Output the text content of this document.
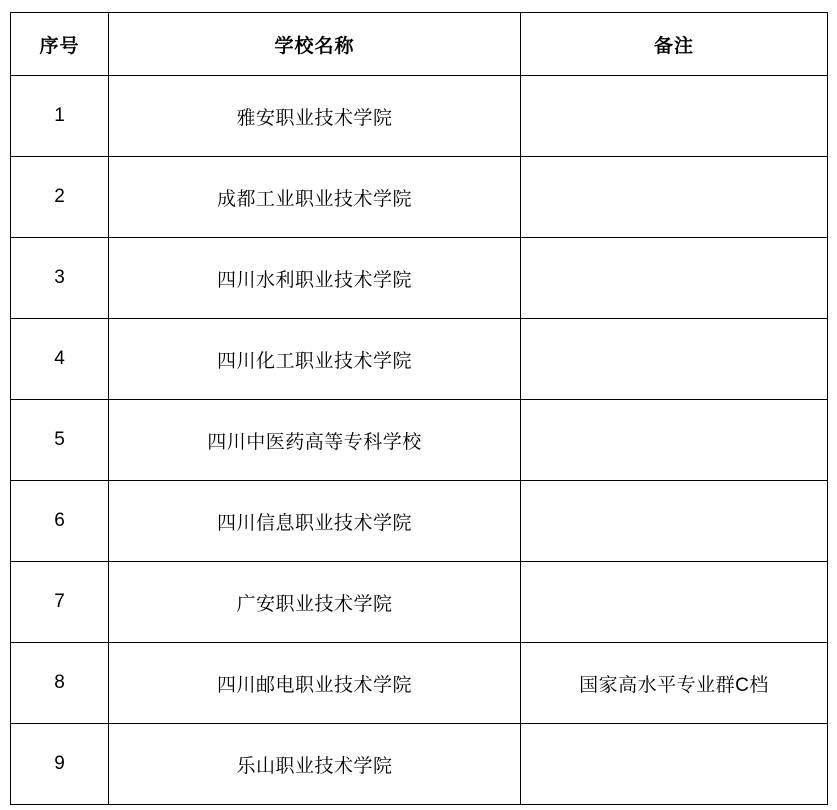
序号	学校名称	备注
1	雅安职业技术学院	
2	成都工业职业技术学院	
3	四川水利职业技术学院	
4	四川化工职业技术学院	
5	四川中医药高等专科学校	
6	四川信息职业技术学院	
7	广安职业技术学院	
8	四川邮电职业技术学院	国家高水平专业群C档
9	乐山职业技术学院	
